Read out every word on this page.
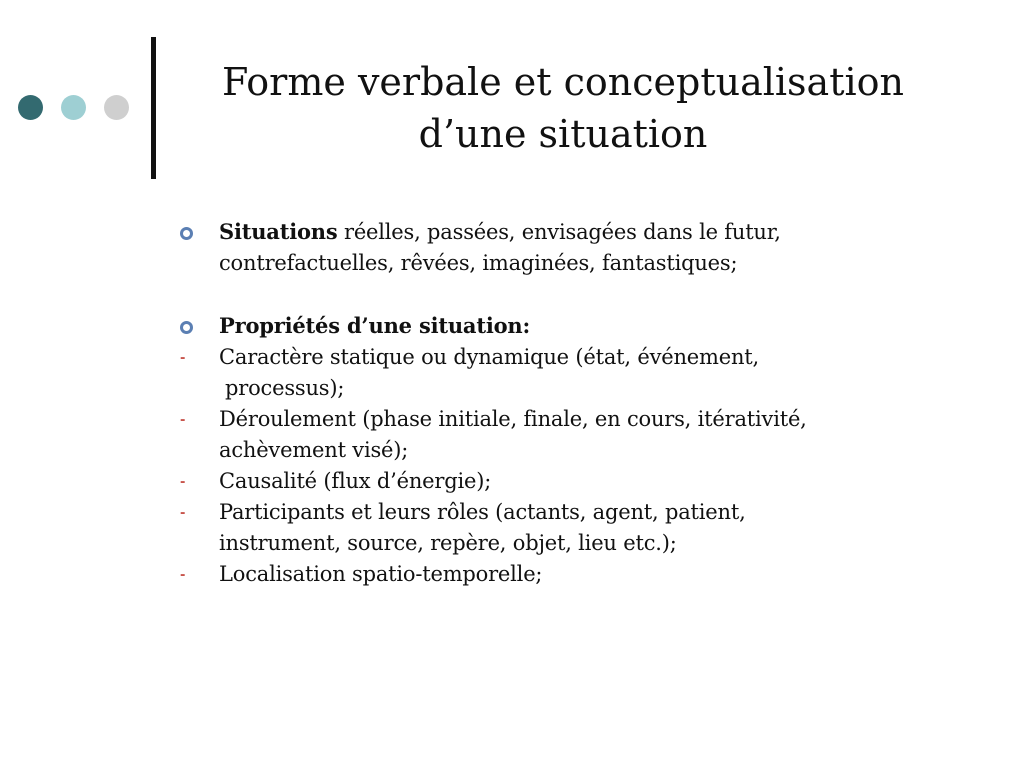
Forme verbale et conceptualisation
d’une situation
Situations réelles, passées, envisagées dans le futur,
contrefactuelles, rêvées, imaginées, fantastiques;
Propriétés d’une situation:
- Caractère statique ou dynamique (état, événement,
processus);
- Déroulement (phase initiale, finale, en cours, itérativité,
achèvement visé);
- Causalité (flux d’énergie);
- Participants et leurs rôles (actants, agent, patient,
instrument, source, repère, objet, lieu etc.);
- Localisation spatio-temporelle;
